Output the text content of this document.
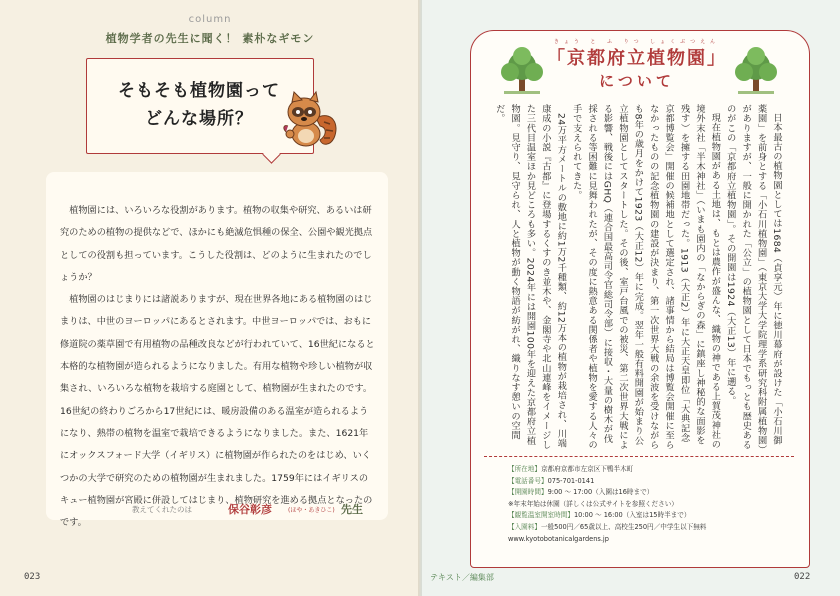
column
植物学者の先生に聞く！ 素朴なギモン
そもそも植物園って
どんな場所？

植物園には、いろいろな役割があります。植物の収集や研究、あるいは研究のための植物の提供などで、ほかにも絶滅危惧種の保全、公園や観光拠点としての役割も担っています。こうした役割は、どのように生まれたのでしょうか？

植物園のはじまりには諸説ありますが、現在世界各地にある植物園のはじまりは、中世のヨーロッパにあるとされます。中世ヨーロッパでは、おもに修道院の薬草園で有用植物の品種改良などが行われていて、16世紀になると本格的な植物園が造られるようになりました。有用な植物や珍しい植物が収集され、いろいろな植物を栽培する庭園として、植物園が生まれたのです。16世紀の終わりごろから17世紀には、暖房設備のある温室が造られるようになり、熱帯の植物を温室で栽培できるようになりました。また、1621年にオックスフォード大学（イギリス）に植物園が作られたのをはじめ、いくつかの大学で研究のための植物園が生まれました。1759年にはイギリスのキュー植物園が宮殿に併設してはじまり、植物研究を進める拠点となったのです。

教えてくれたのは	保谷彰彦	(ほや・あきひこ) 先生
023
きょう と ふ りつ しょくぶつえん
「京都府立植物園」
について

日本最古の植物園としては1684（貞享元）年に徳川幕府が設けた「小石川御薬園」を前身とする「小石川植物園」（東京大学大学院理学系研究科附属植物園）がありますが、一般に開かれた「公立」の植物園として日本でもっとも歴史あるのがこの「京都府立植物園」。その開園は1924（大正13）年に遡る。

現在植物園がある土地は、もとは農作が盛んな、織物の神である上賀茂神社の境外末社「半木神社」（いまも園内の「なからぎの森」に鎮座し神秘的な面影を残す）を擁する田園地帯だった。1913（大正2）年に大正天皇即位「大典記念京都博覧会」開催の候補地として選定され、諸事情から結局は博覧会開催に至らなかったものの記念植物園の建設が決まり、第一次世界大戦の余波を受けながらも8年の歳月をかけて1923（大正12）年に完成。翌年一般有料開園が始まり公立植物園としてスタートした。その後、室戸台風での被災、第二次世界大戦による影響、戦後にはGHQ（連合国最高司令官総司令部）に接収・大量の樹木が伐採される等困難に見舞われたが、その度に熱意ある関係者や植物を愛する人々の手で支えられてきた。

24万平方メートルの敷地に約1万2千種類、約12万本の植物が栽培され、川端康成の小説『古都』に登場するくすのき並木や、金閣寺や北山連峰をイメージした三代目温室ほか見どころも多い。2024年には開園100年を迎えた京都府立植物園。見守り、見守られ、人と植物が動く物語が紡がれ、織りなす憩いの空間だ。

【所在地】京都府京都市左京区下鴨半木町
【電話番号】075-701-0141
【開園時間】9:00 ～ 17:00（入園は16時まで）
※年末年始は休園（詳しくは公式サイトを参照ください）
【観覧温室開室時間】10:00 ～ 16:00（入室は15時半まで）
【入園料】一般500円／65歳以上、高校生250円／中学生以下無料
www.kyotobotanicalgardens.jp
テキスト／編集部	022
